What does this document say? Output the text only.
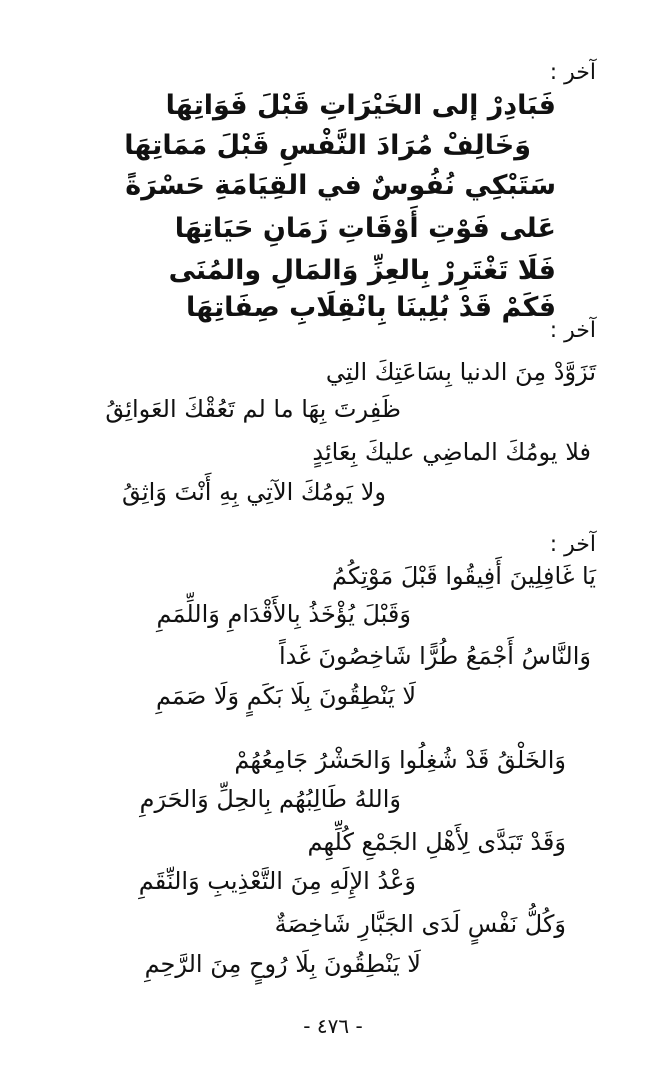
آخر :
فَبَادِرْ إلى الخَيْرَاتِ قَبْلَ فَوَاتِهَا
وَخَالِفْ مُرَادَ النَّفْسِ قَبْلَ مَمَاتِهَا
سَتَبْكِي نُفُوسٌ في القِيَامَةِ حَسْرَةً
عَلى فَوْتِ أَوْقَاتِ زَمَانِ حَيَاتِهَا
فَلَا تَغْتَرِرْ بِالعِزِّ وَالمَالِ والمُنَى
فَكَمْ قَدْ بُلِينَا بِانْقِلَابِ صِفَاتِهَا
آخر :
تَزَوَّدْ مِنَ الدنيا بِسَاعَتِكَ التِي
ظَفِرتَ بِهَا ما لم تَعُقْكَ العَوائِقُ
فلا يومُكَ الماضِي عليكَ بِعَائِدٍ
ولا يَومُكَ الآتِي بِهِ أَنْتَ وَاثِقُ
آخر :
يَا غَافِلِينَ أَفِيقُوا قَبْلَ مَوْتِكُمُ
وَقَبْلَ يُؤْخَذُ بِالأَقْدَامِ وَاللِّمَمِ
وَالنَّاسُ أَجْمَعُ طُرًّا شَاخِصُونَ غَداً
لَا يَنْطِقُونَ بِلَا بَكَمٍ وَلَا صَمَمِ
وَالخَلْقُ قَدْ شُغِلُوا وَالحَشْرُ جَامِعُهُمْ
وَاللهُ طَالِبُهُم بِالحِلِّ وَالحَرَمِ
وَقَدْ تَبَدَّى لِأَهْلِ الجَمْعِ كُلِّهِم
وَعْدُ الإِلَهِ مِنَ التَّعْذِيبِ وَالنِّقَمِ
وَكُلُّ نَفْسٍ لَدَى الجَبَّارِ شَاخِصَةٌ
لَا يَنْطِقُونَ بِلَا رُوحٍ مِنَ الرَّحِمِ
- ٤٧٦ -
